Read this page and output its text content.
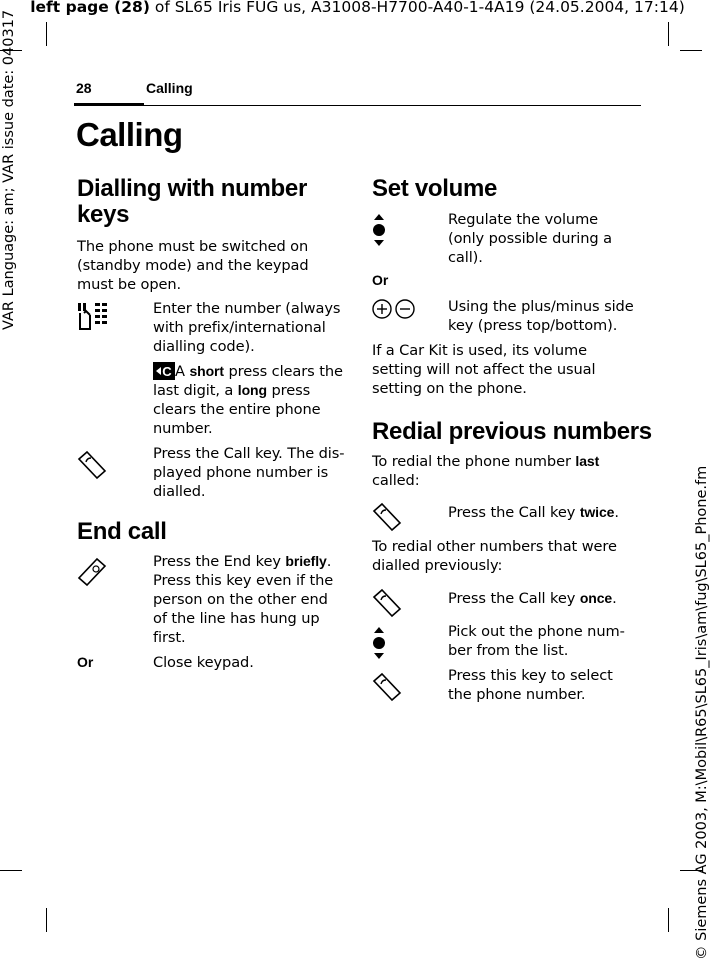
left page (28) of SL65 Iris FUG us, A31008-H7700-A40-1-4A19 (24.05.2004, 17:14)
VAR Language: am; VAR issue date: 040317
© Siemens AG 2003, M:\Mobil\R65\SL65_Iris\am\fug\SL65_Phone.fm
28	Calling
Calling
Dialling with number keys
The phone must be switched on (standby mode) and the keypad must be open.
Enter the number (always with prefix/international dialling code).
C A short press clears the last digit, a long press clears the entire phone number.
Press the Call key. The dis-played phone number is dialled.
End call
Press the End key briefly. Press this key even if the person on the other end of the line has hung up first.
Or	Close keypad.
Set volume
Regulate the volume (only possible during a call).
Or
Using the plus/minus side key (press top/bottom).
If a Car Kit is used, its volume setting will not affect the usual setting on the phone.
Redial previous numbers
To redial the phone number last called:
Press the Call key twice.
To redial other numbers that were dialled previously:
Press the Call key once.
Pick out the phone num-ber from the list.
Press this key to select the phone number.
